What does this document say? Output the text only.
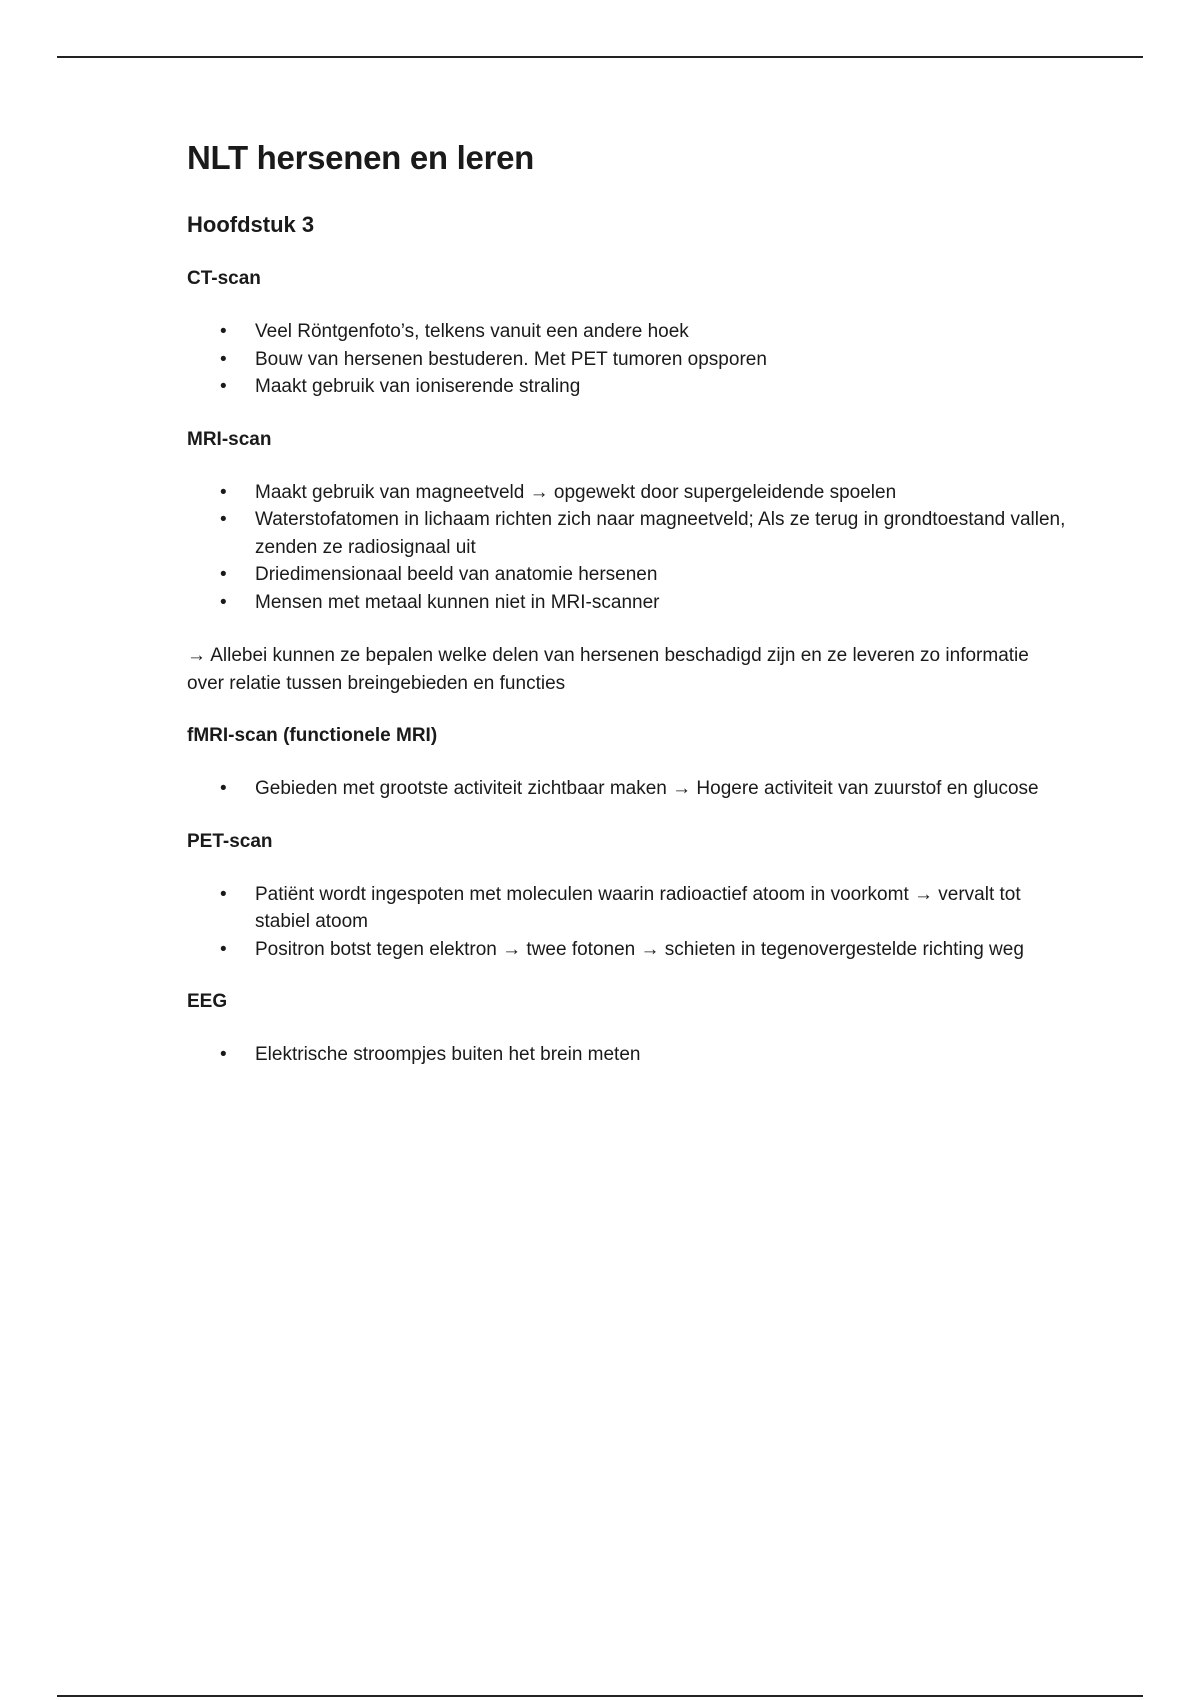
NLT hersenen en leren
Hoofdstuk 3
CT-scan
• Veel Röntgenfoto’s, telkens vanuit een andere hoek
• Bouw van hersenen bestuderen. Met PET tumoren opsporen
• Maakt gebruik van ioniserende straling
MRI-scan
• Maakt gebruik van magneetveld → opgewekt door supergeleidende spoelen
• Waterstofatomen in lichaam richten zich naar magneetveld; Als ze terug in grondtoestand vallen, zenden ze radiosignaal uit
• Driedimensionaal beeld van anatomie hersenen
• Mensen met metaal kunnen niet in MRI-scanner

→ Allebei kunnen ze bepalen welke delen van hersenen beschadigd zijn en ze leveren zo informatie over relatie tussen breingebieden en functies

fMRI-scan (functionele MRI)
• Gebieden met grootste activiteit zichtbaar maken → Hogere activiteit van zuurstof en glucose
PET-scan
• Patiënt wordt ingespoten met moleculen waarin radioactief atoom in voorkomt → vervalt tot stabiel atoom
• Positron botst tegen elektron → twee fotonen → schieten in tegenovergestelde richting weg
EEG
• Elektrische stroompjes buiten het brein meten
